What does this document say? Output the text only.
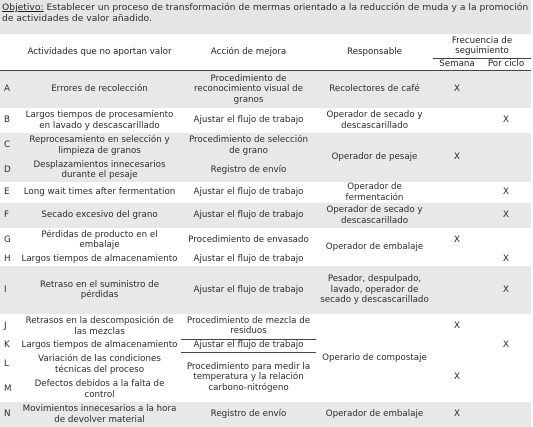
Objetivo: Establecer un proceso de transformación de mermas orientado a la reducción de muda y a la promoción de actividades de valor añadido.
	Actividades que no aportan valor	Acción de mejora	Responsable	Frecuencia de seguimiento	
				Semana	Por ciclo
A	Errores de recolección	Procedimiento de reconocimiento visual de granos	Recolectores de café	X	
B	Largos tiempos de procesamiento en lavado y descascarillado	Ajustar el flujo de trabajo	Operador de secado y descascarillado		X
C	Reprocesamiento en selección y limpieza de granos	Procedimiento de selección de grano	Operador de pesaje	X	
D	Desplazamientos innecesarios durante el pesaje	Registro de envío			
E	Long wait times after fermentation	Ajustar el flujo de trabajo	Operador de fermentación		X
F	Secado excesivo del grano	Ajustar el flujo de trabajo	Operador de secado y descascarillado		X
G	Pérdidas de producto en el embalaje	Procedimiento de envasado	Operador de embalaje	X	
H	Largos tiempos de almacenamiento	Ajustar el flujo de trabajo			X
I	Retraso en el suministro de pérdidas	Ajustar el flujo de trabajo	Pesador, despulpado, lavado, operador de secado y descascarillado		X
J	Retrasos en la descomposición de las mezclas	Procedimiento de mezcla de residuos	Operario de compostaje	X	
K	Largos tiempos de almacenamiento	Ajustar el flujo de trabajo			X
L	Variación de las condiciones técnicas del proceso	Procedimiento para medir la temperatura y la relación carbono-nitrógeno		X	
M	Defectos debidos a la falta de control				
N	Movimientos innecesarios a la hora de devolver material	Registro de envío	Operador de embalaje	X	
